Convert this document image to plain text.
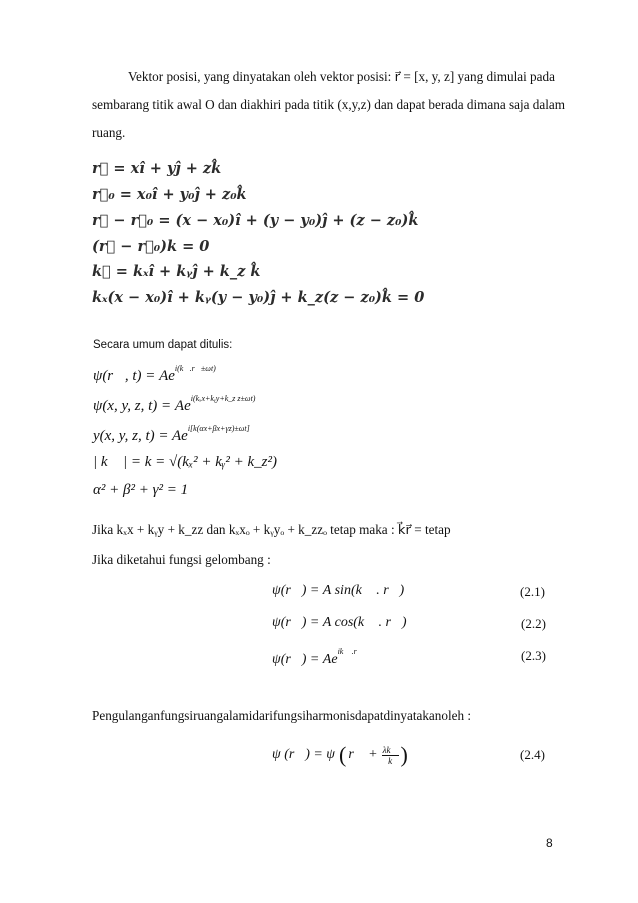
Vektor posisi, yang dinyatakan oleh vektor posisi: r⃗ = [x, y, z] yang dimulai pada
sembarang titik awal O dan diakhiri pada titik (x,y,z) dan dapat berada dimana saja dalam
ruang.
r⃗ = xî + yĵ + zk̂
r⃗₀ = x₀î + y₀ĵ + z₀k̂
r⃗ − r⃗₀ = (x − x₀)î + (y − y₀)ĵ + (z − z₀)k̂
(r⃗ − r⃗₀)k = 0
k⃗ = kₓî + kᵧĵ + k_z k̂
kₓ(x − x₀)î + kᵧ(y − y₀)ĵ + k_z(z − z₀)k̂ = 0
Secara umum dapat ditulis:
ψ(r⃗, $t) = Ae^{i(k⃗.r⃗\pm\omega t)}$
ψ(x, y, z, $t) = Ae^{i(k_xx+kᵧy+k\_z z\pm\omega t)}$
y(x, y, z, $t) = Ae^{i[k(\alpha x+\beta x+\gamma z)\pm\omega t]}$
| k⃗ | = k = √(kₓ² + kᵧ² + k_z²)
α² + β² + γ² = 1
Jika kₓx + kᵧy + k_zz dan kₓxₒ + kᵧyₒ + k_zzₒ tetap maka : k⃗r⃗ = tetap
Jika diketahui fungsi gelombang :
ψ(r⃗) = A sin(k⃗ . r⃗)	(2.1)
ψ(r⃗) = A cos(k⃗ . r⃗)	(2.2)
ψ(r⃗) = $Ae^{ik⃗ .r⃗}$	(2.3)
Pengulanganfungsiruangalamidarifungsiharmonisdapatdinyatakanoleh :
ψ (r⃗) = ψ ( r⃗ + $\frac{\lambda k⃗}{k}$ )	(2.4)
8
